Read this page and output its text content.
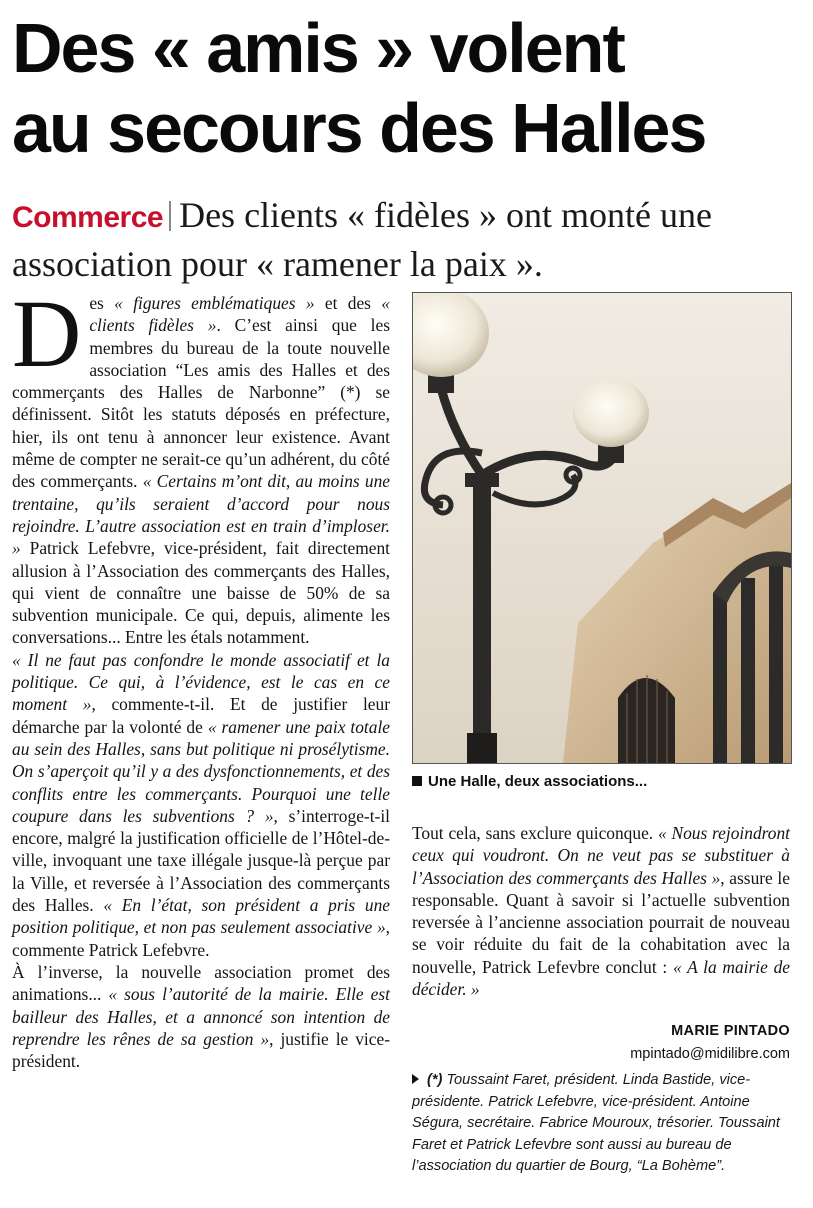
Des « amis » volent
au secours des Halles
Commerce Des clients « fidèles » ont monté une association pour « ramener la paix ».
D es « figures emblématiques » et des « clients fidèles ». C’est ainsi que les membres du bureau de la toute nouvelle association “Les amis des Halles et des commerçants des Halles de Narbonne” (*) se définissent. Sitôt les statuts déposés en préfecture, hier, ils ont tenu à annoncer leur existence. Avant même de compter ne serait-ce qu’un adhérent, du côté des commerçants. « Certains m’ont dit, au moins une trentaine, qu’ils seraient d’accord pour nous rejoindre. L’autre association est en train d’imploser. » Patrick Lefebvre, vice-président, fait directement allusion à l’Association des commerçants des Halles, qui vient de connaître une baisse de 50% de sa subvention municipale. Ce qui, depuis, alimente les conversations... Entre les étals notamment.
« Il ne faut pas confondre le monde associatif et la politique. Ce qui, à l’évidence, est le cas en ce moment », commente-t-il. Et de justifier leur démarche par la volonté de « ramener une paix totale au sein des Halles, sans but politique ni prosélytisme. On s’aperçoit qu’il y a des dysfonctionnements, et des conflits entre les commerçants. Pourquoi une telle coupure dans les subventions ? », s’interroge-t-il encore, malgré la justification officielle de l’Hôtel-de-ville, invoquant une taxe illégale jusque-là perçue par la Ville, et reversée à l’Association des commerçants des Halles. « En l’état, son président a pris une position politique, et non pas seulement associative », commente Patrick Lefebvre.
À l’inverse, la nouvelle association promet des animations... « sous l’autorité de la mairie. Elle est bailleur des Halles, et a annoncé son intention de reprendre les rênes de sa gestion », justifie le vice-président.

Une Halle, deux associations...

Tout cela, sans exclure quiconque. « Nous rejoindront ceux qui voudront. On ne veut pas se substituer à l’Association des commerçants des Halles », assure le responsable. Quant à savoir si l’actuelle subvention reversée à l’ancienne association pourrait de nouveau se voir réduite du fait de la cohabitation avec la nouvelle, Patrick Lefevbre conclut : « A la mairie de décider. »

MARIE PINTADO
mpintado@midilibre.com
(*) Toussaint Faret, président. Linda Bastide, vice-présidente. Patrick Lefebvre, vice-président. Antoine Ségura, secrétaire. Fabrice Mouroux, trésorier. Toussaint Faret et Patrick Lefevbre sont aussi au bureau de l’association du quartier de Bourg, “La Bohème”.
